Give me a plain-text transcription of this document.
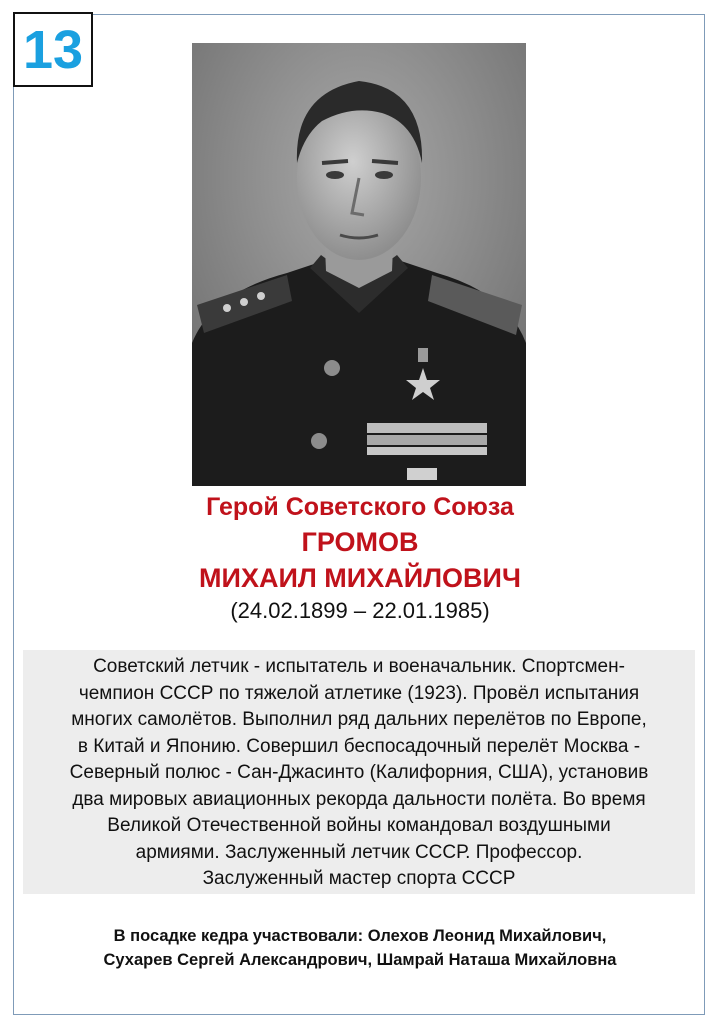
13

Герой Советского Союза

ГРОМОВ

МИХАИЛ МИХАЙЛОВИЧ

(24.02.1899 – 22.01.1985)

Советский летчик - испытатель и военачальник. Спортсмен-
чемпион СССР по тяжелой атлетике (1923). Провёл испытания
многих самолётов. Выполнил ряд дальних перелётов по Европе,
в Китай и Японию. Совершил беспосадочный перелёт Москва -
Северный полюс - Сан-Джасинто (Калифорния, США), установив
два мировых авиационных рекорда дальности полёта. Во время
Великой Отечественной войны командовал воздушными
армиями. Заслуженный летчик СССР. Профессор.
Заслуженный мастер спорта СССР
В посадке кедра участвовали: Олехов Леонид Михайлович,
Сухарев Сергей Александрович, Шамрай Наташа Михайловна
